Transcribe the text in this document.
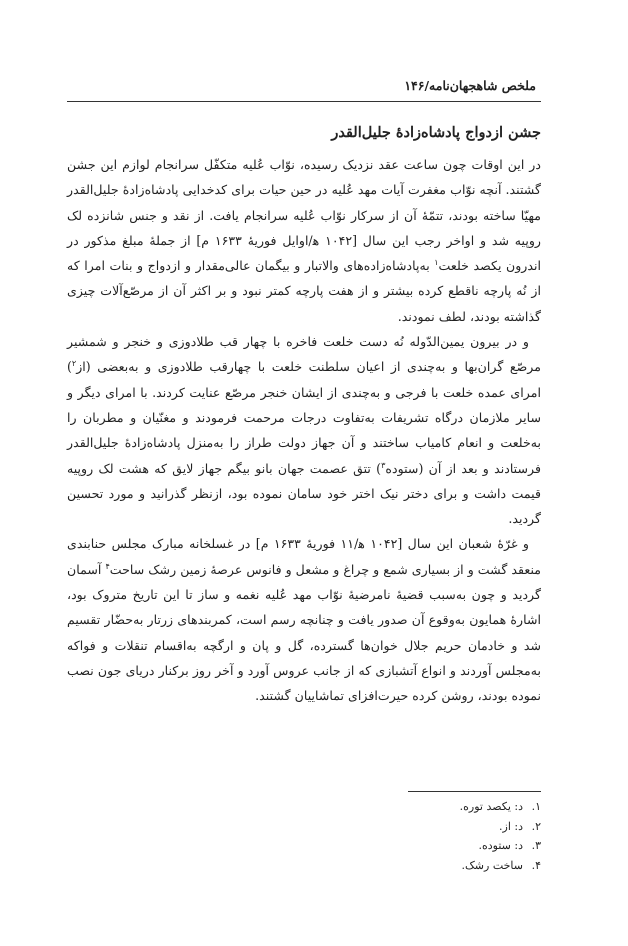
ملخص شاهجهان‌نامه/۱۴۶
جشن ازدواج پادشاه‌زادۀ جلیل‌القدر

در این اوقات چون ساعت عقد نزدیک رسیده، نوّاب عُلیه متکفّل سرانجام لوازم این جشن گشتند. آنچه نوّاب مغفرت آیات مهد عُلیه در حین حیات برای کدخدایی پادشاه‌زادۀ جلیل‌القدر مهیّا ساخته بودند، تتمّۀ آن از سرکار نوّاب عُلیه سرانجام یافت. از نقد و جنس شانزده لک روپیه شد و اواخر رجب این سال [۱۰۴۲ ه‍/اوایل فوریۀ ۱۶۳۳ م] از جملۀ مبلغ مذکور در اندرون یکصد خلعت$^۱$ به‌پادشاه‌زاده‌های والاتبار و بیگمان عالی‌مقدار و ازدواج و بنات امرا که از نُه پارچه ناقطع کرده بیشتر و از هفت پارچه کمتر نبود و بر اکثر آن از مرصّع‌آلات چیزی گذاشته بودند، لطف نمودند.

و در بیرون یمین‌الدّوله نُه دست خلعت فاخره با چهار قب طلادوزی و خنجر و شمشیر مرصّع گران‌بها و به‌چندی از اعیان سلطنت خلعت با چهارقب طلادوزی و به‌بعضی (از$^۲$) امرای عمده خلعت با فرجی و به‌چندی از ایشان خنجر مرصّع عنایت کردند. با امرای دیگر و سایر ملازمان درگاه تشریفات به‌تفاوت درجات مرحمت فرمودند و مغنّیان و مطربان را به‌خلعت و انعام کامیاب ساختند و آن جهاز دولت طراز را به‌منزل پادشاه‌زادۀ جلیل‌القدر فرستادند و بعد از آن (ستوده$^۳$) تتق عصمت جهان بانو بیگم جهاز لایق که هشت لک روپیه قیمت داشت و برای دختر نیک اختر خود سامان نموده بود، ازنظر گذرانید و مورد تحسین گردید.

و غرّۀ شعبان این سال [۱۰۴۲ ه‍/۱۱ فوریۀ ۱۶۳۳ م] در غسلخانه مبارک مجلس حنابندی منعقد گشت و از بسیاری شمع و چراغ و مشعل و فانوس عرصۀ زمین رشک ساحت$^۴$ آسمان گردید و چون به‌سبب قضیۀ نامرضیۀ نوّاب مهد عُلیه نغمه و ساز تا این تاریخ متروک بود، اشارۀ همایون به‌وقوع آن صدور یافت و چنانچه رسم است، کمربندهای زرتار به‌حضّار تقسیم شد و خادمان حریم جلال خوان‌ها گسترده، گل و پان و ارگچه به‌اقسام تنقلات و فواکه به‌مجلس آوردند و انواع آتشبازی که از جانب عروس آورد و آخر روز برکنار دریای جون نصب نموده بودند، روشن کرده حیرت‌افزای تماشاییان گشتند.

۱.د: یکصد توره.
۲.د: از.
۳.د: ستوده.
۴.ساخت رشک.
